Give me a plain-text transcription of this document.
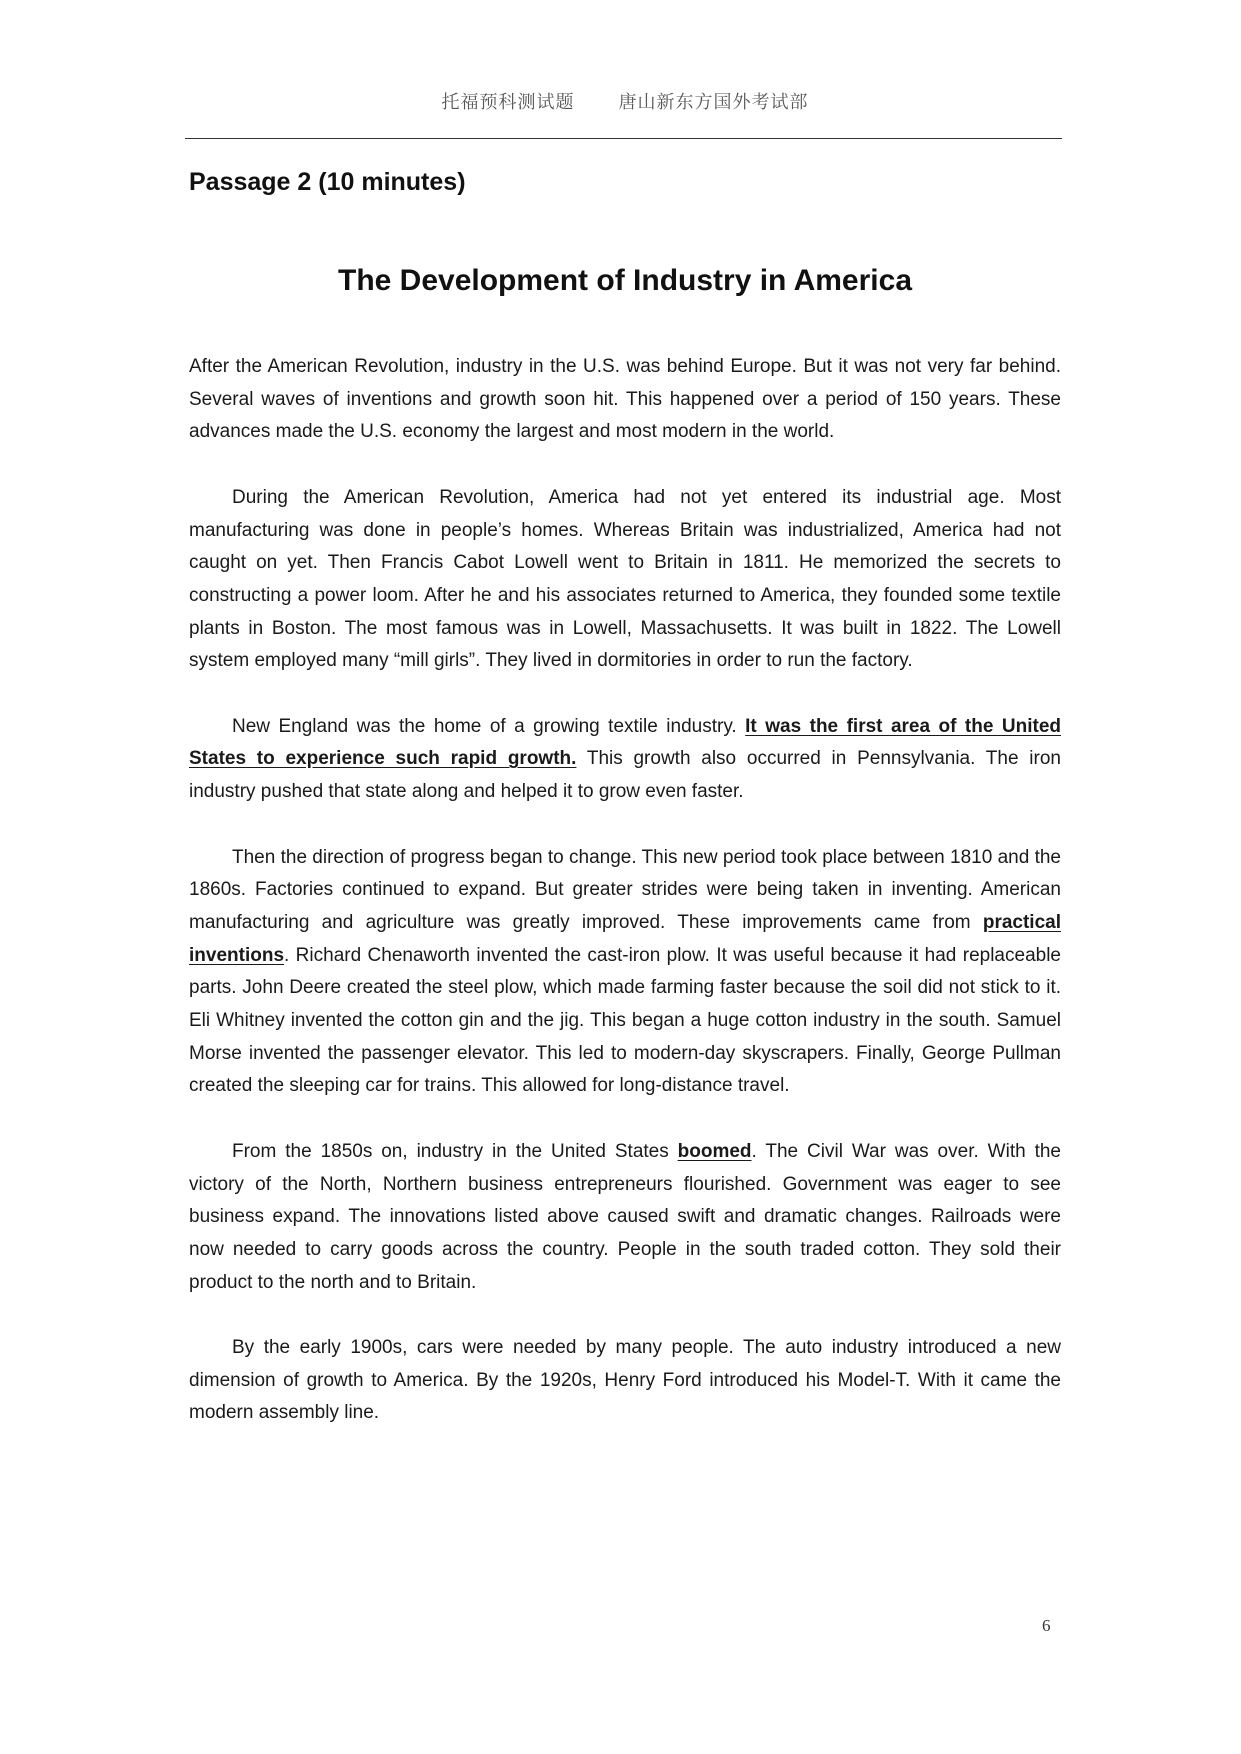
托福预科测试题 唐山新东方国外考试部
Passage 2 (10 minutes)
The Development of Industry in America

After the American Revolution, industry in the U.S. was behind Europe. But it was not very far behind. Several waves of inventions and growth soon hit. This happened over a period of 150 years. These advances made the U.S. economy the largest and most modern in the world.

During the American Revolution, America had not yet entered its industrial age. Most manufacturing was done in people’s homes. Whereas Britain was industrialized, America had not caught on yet. Then Francis Cabot Lowell went to Britain in 1811. He memorized the secrets to constructing a power loom. After he and his associates returned to America, they founded some textile plants in Boston. The most famous was in Lowell, Massachusetts. It was built in 1822. The Lowell system employed many “mill girls”. They lived in dormitories in order to run the factory.

New England was the home of a growing textile industry. It was the first area of the United States to experience such rapid growth. This growth also occurred in Pennsylvania. The iron industry pushed that state along and helped it to grow even faster.

Then the direction of progress began to change. This new period took place between 1810 and the 1860s. Factories continued to expand. But greater strides were being taken in inventing. American manufacturing and agriculture was greatly improved. These improvements came from practical inventions. Richard Chenaworth invented the cast-iron plow. It was useful because it had replaceable parts. John Deere created the steel plow, which made farming faster because the soil did not stick to it. Eli Whitney invented the cotton gin and the jig. This began a huge cotton industry in the south. Samuel Morse invented the passenger elevator. This led to modern-day skyscrapers. Finally, George Pullman created the sleeping car for trains. This allowed for long-distance travel.

From the 1850s on, industry in the United States boomed. The Civil War was over. With the victory of the North, Northern business entrepreneurs flourished. Government was eager to see business expand. The innovations listed above caused swift and dramatic changes. Railroads were now needed to carry goods across the country. People in the south traded cotton. They sold their product to the north and to Britain.

By the early 1900s, cars were needed by many people. The auto industry introduced a new dimension of growth to America. By the 1920s, Henry Ford introduced his Model-T. With it came the modern assembly line.

6
